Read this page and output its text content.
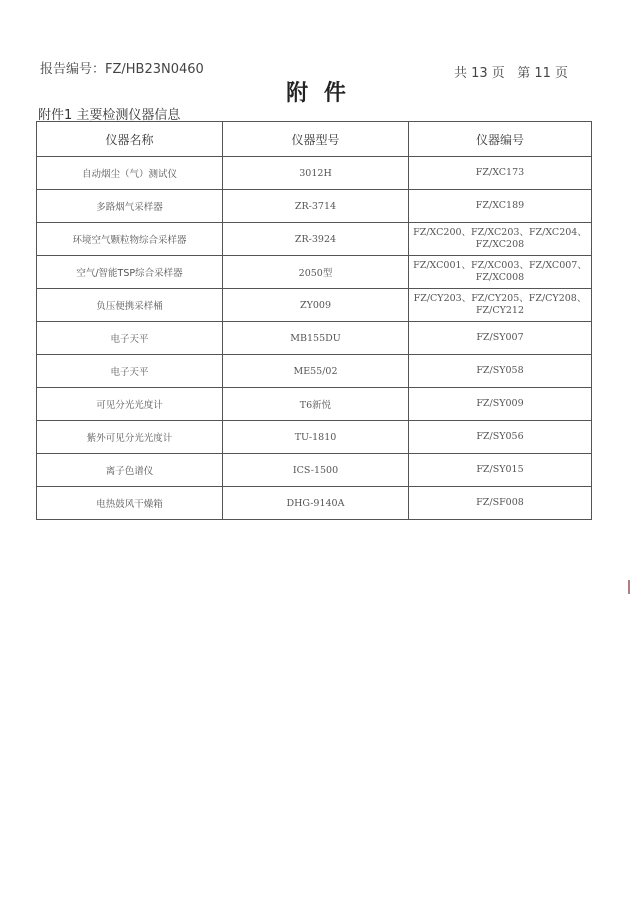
报告编号：FZ/HB23N0460	共 13 页   第 11 页
附 件
附件1 主要检测仪器信息
仪器名称	仪器型号	仪器编号
自动烟尘（气）测试仪	3012H	FZ/XC173

多路烟气采样器	ZR-3714	FZ/XC189

环境空气颗粒物综合采样器	ZR-3924	FZ/XC200、FZ/XC203、FZ/XC204、
FZ/XC208

空气/智能TSP综合采样器	2050型	FZ/XC001、FZ/XC003、FZ/XC007、
FZ/XC008

负压便携采样桶	ZY009	FZ/CY203、FZ/CY205、FZ/CY208、
FZ/CY212

电子天平	MB155DU	FZ/SY007

电子天平	ME55/02	FZ/SY058

可见分光光度计	T6新悦	FZ/SY009

紫外可见分光光度计	TU-1810	FZ/SY056

离子色谱仪	ICS-1500	FZ/SY015

电热鼓风干燥箱	DHG-9140A	FZ/SF008
